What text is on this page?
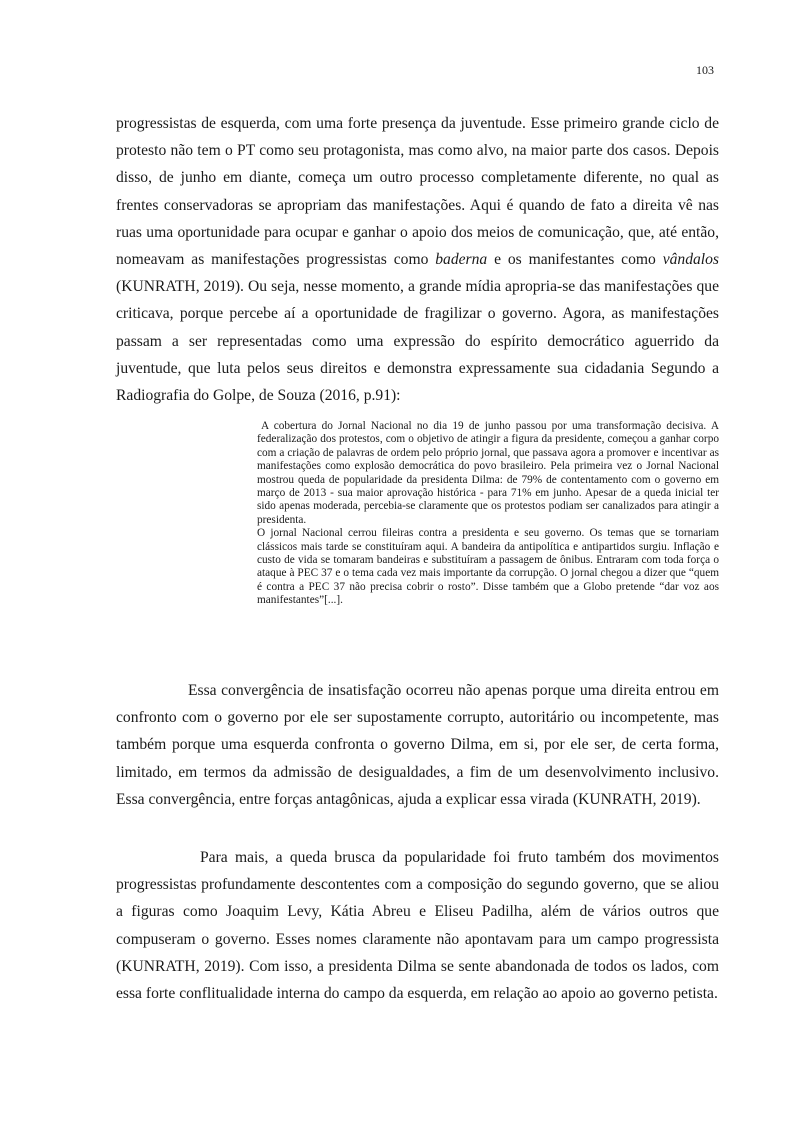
103

progressistas de esquerda, com uma forte presença da juventude. Esse primeiro grande ciclo de protesto não tem o PT como seu protagonista, mas como alvo, na maior parte dos casos. Depois disso, de junho em diante, começa um outro processo completamente diferente, no qual as frentes conservadoras se apropriam das manifestações. Aqui é quando de fato a direita vê nas ruas uma oportunidade para ocupar e ganhar o apoio dos meios de comunicação, que, até então, nomeavam as manifestações progressistas como baderna e os manifestantes como vândalos (KUNRATH, 2019). Ou seja, nesse momento, a grande mídia apropria-se das manifestações que criticava, porque percebe aí a oportunidade de fragilizar o governo. Agora, as manifestações passam a ser representadas como uma expressão do espírito democrático aguerrido da juventude, que luta pelos seus direitos e demonstra expressamente sua cidadania Segundo a Radiografia do Golpe, de Souza (2016, p.91):

A cobertura do Jornal Nacional no dia 19 de junho passou por uma transformação decisiva. A federalização dos protestos, com o objetivo de atingir a figura da presidente, começou a ganhar corpo com a criação de palavras de ordem pelo próprio jornal, que passava agora a promover e incentivar as manifestações como explosão democrática do povo brasileiro. Pela primeira vez o Jornal Nacional mostrou queda de popularidade da presidenta Dilma: de 79% de contentamento com o governo em março de 2013 - sua maior aprovação histórica - para 71% em junho. Apesar de a queda inicial ter sido apenas moderada, percebia-se claramente que os protestos podiam ser canalizados para atingir a presidenta.

O jornal Nacional cerrou fileiras contra a presidenta e seu governo. Os temas que se tornariam clássicos mais tarde se constituíram aqui. A bandeira da antipolítica e antipartidos surgiu. Inflação e custo de vida se tomaram bandeiras e substituíram a passagem de ônibus. Entraram com toda força o ataque à PEC 37 e o tema cada vez mais importante da corrupção. O jornal chegou a dizer que “quem é contra a PEC 37 não precisa cobrir o rosto”. Disse também que a Globo pretende “dar voz aos manifestantes”[...].

Essa convergência de insatisfação ocorreu não apenas porque uma direita entrou em confronto com o governo por ele ser supostamente corrupto, autoritário ou incompetente, mas também porque uma esquerda confronta o governo Dilma, em si, por ele ser, de certa forma, limitado, em termos da admissão de desigualdades, a fim de um desenvolvimento inclusivo. Essa convergência, entre forças antagônicas, ajuda a explicar essa virada (KUNRATH, 2019).

Para mais, a queda brusca da popularidade foi fruto também dos movimentos progressistas profundamente descontentes com a composição do segundo governo, que se aliou a figuras como Joaquim Levy, Kátia Abreu e Eliseu Padilha, além de vários outros que compuseram o governo. Esses nomes claramente não apontavam para um campo progressista (KUNRATH, 2019). Com isso, a presidenta Dilma se sente abandonada de todos os lados, com essa forte conflitualidade interna do campo da esquerda, em relação ao apoio ao governo petista.
